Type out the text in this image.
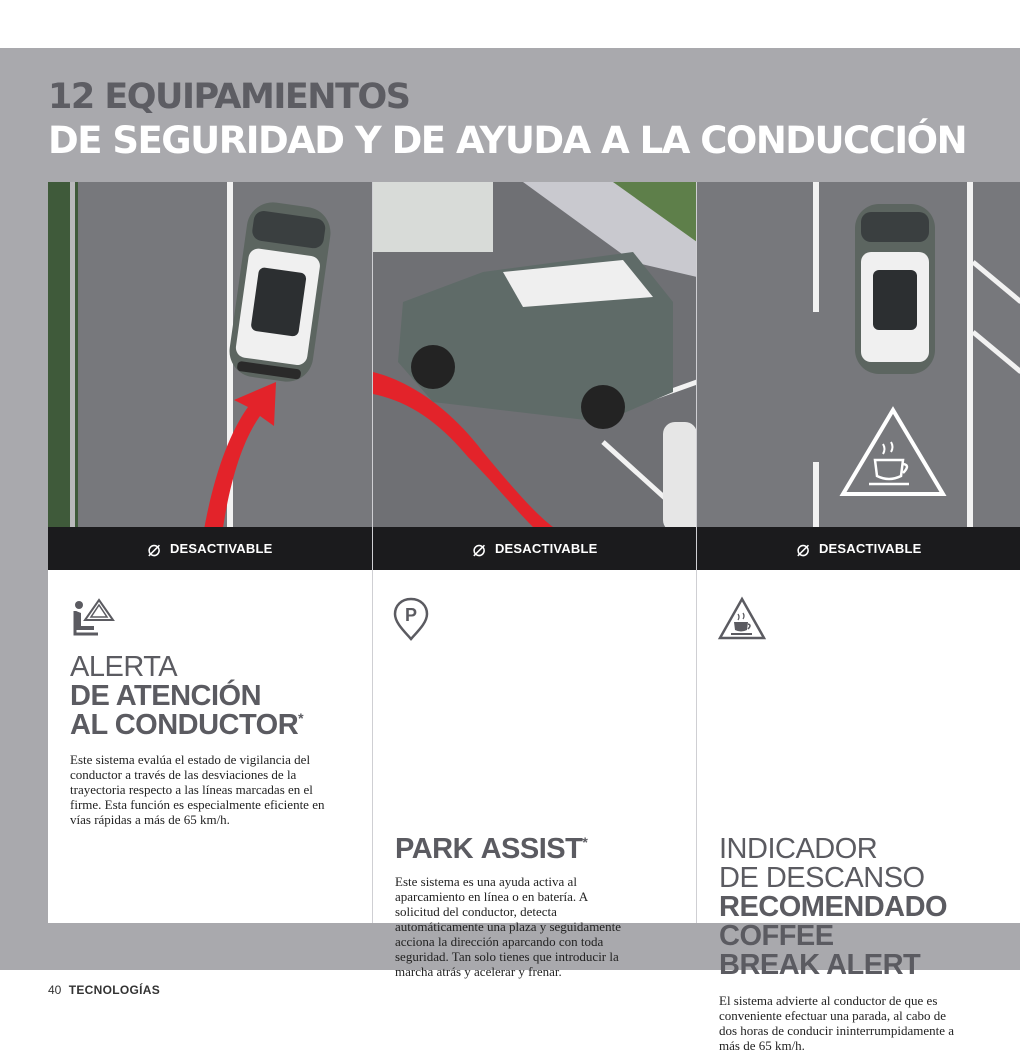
12 EQUIPAMIENTOS
DE SEGURIDAD Y DE AYUDA A LA CONDUCCIÓN
⌀ DESACTIVABLE
ALERTA
DE ATENCIÓN
AL CONDUCTOR*

Este sistema evalúa el estado de vigilancia del conductor a través de las desviaciones de la trayectoria respecto a las líneas marcadas en el firme. Esta función es especialmente eficiente en vías rápidas a más de 65 km/h.

⌀ DESACTIVABLE
P
PARK ASSIST*

Este sistema es una ayuda activa al aparcamiento en línea o en batería. A solicitud del conductor, detecta automáticamente una plaza y seguidamente acciona la dirección aparcando con toda seguridad. Tan solo tienes que introducir la marcha atrás y acelerar y frenar.

⌀ DESACTIVABLE
INDICADOR
DE DESCANSO
RECOMENDADO
COFFEE
BREAK ALERT

El sistema advierte al conductor de que es conveniente efectuar una parada, al cabo de dos horas de conducir ininterrumpidamente a más de 65 km/h.

40 TECNOLOGÍAS
